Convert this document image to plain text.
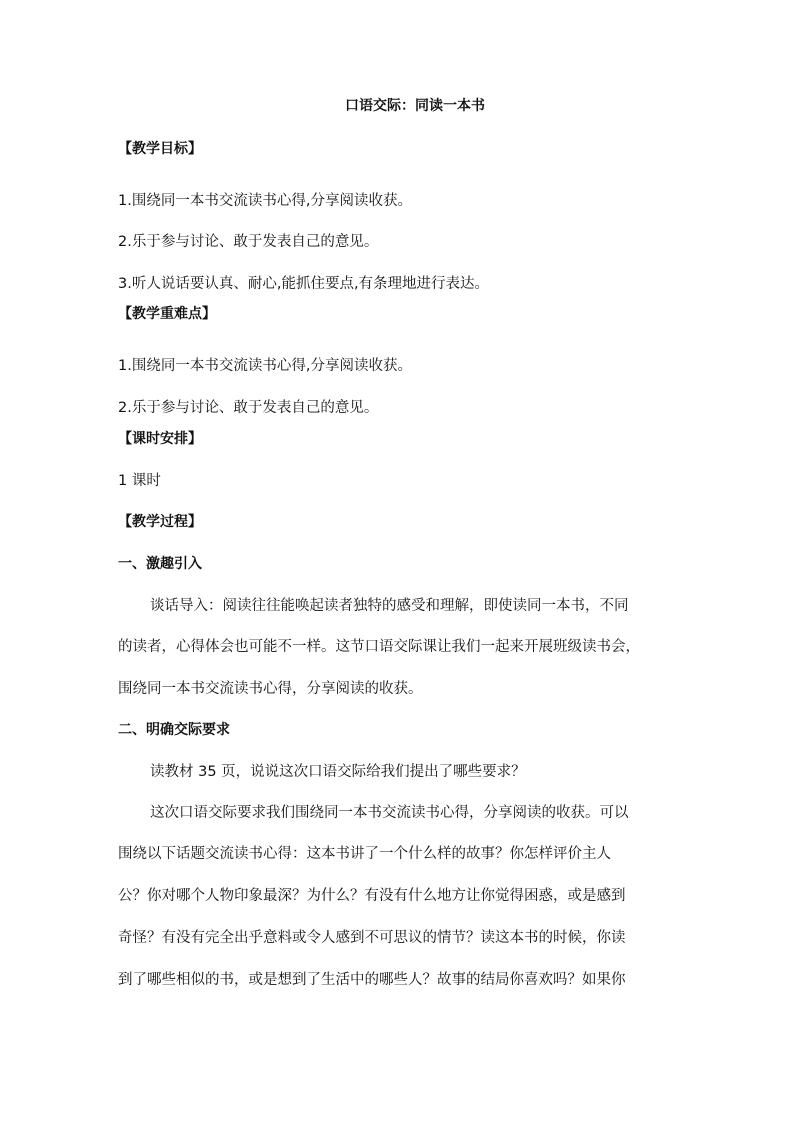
口语交际：同读一本书
【教学目标】
1.围绕同一本书交流读书心得,分享阅读收获。
2.乐于参与讨论、敢于发表自己的意见。
3.听人说话要认真、耐心,能抓住要点,有条理地进行表达。
【教学重难点】
1.围绕同一本书交流读书心得,分享阅读收获。
2.乐于参与讨论、敢于发表自己的意见。
【课时安排】
1 课时
【教学过程】
一、激趣引入
谈话导入：阅读往往能唤起读者独特的感受和理解，即使读同一本书，不同
的读者，心得体会也可能不一样。这节口语交际课让我们一起来开展班级读书会，
围绕同一本书交流读书心得，分享阅读的收获。
二、明确交际要求
读教材 35 页，说说这次口语交际给我们提出了哪些要求？
这次口语交际要求我们围绕同一本书交流读书心得，分享阅读的收获。可以
围绕以下话题交流读书心得：这本书讲了一个什么样的故事？你怎样评价主人
公？你对哪个人物印象最深？为什么？有没有什么地方让你觉得困惑，或是感到
奇怪？有没有完全出乎意料或令人感到不可思议的情节？读这本书的时候，你读
到了哪些相似的书，或是想到了生活中的哪些人？故事的结局你喜欢吗？如果你
